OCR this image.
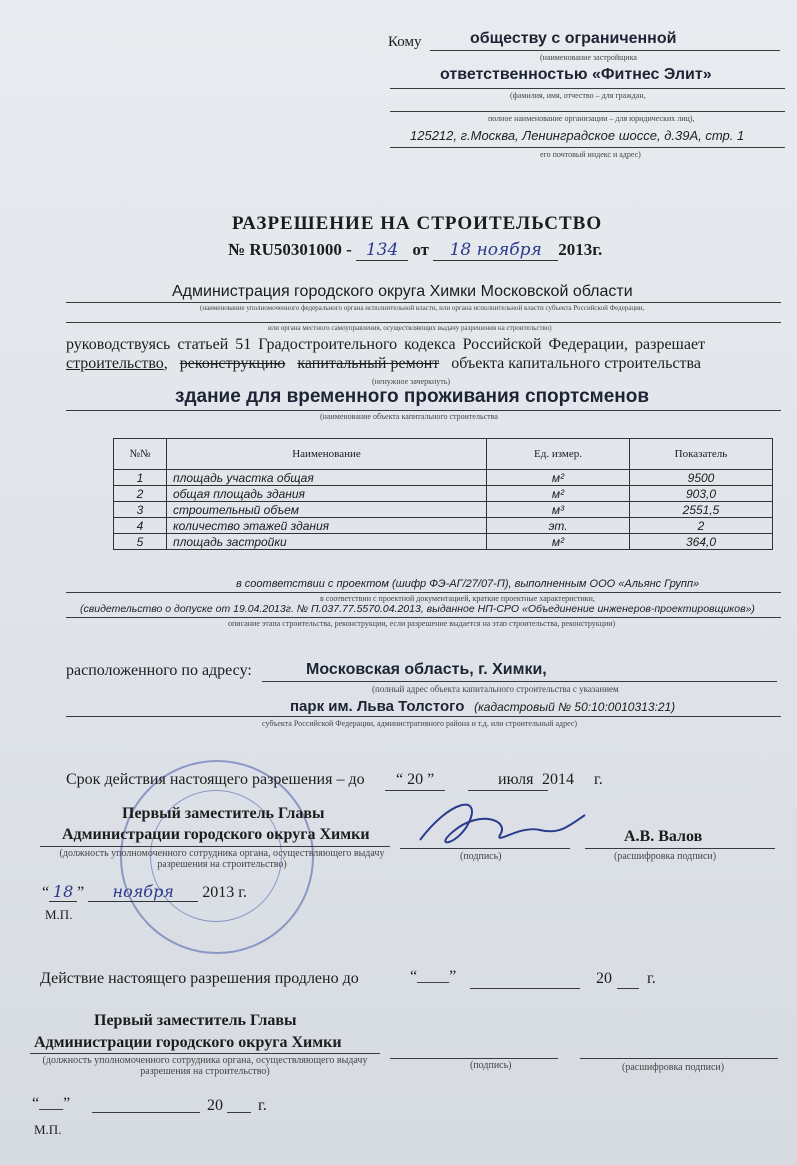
Кому	обществу с ограниченной
(наименование застройщика
ответственностью «Фитнес Элит»
(фамилия, имя, отчество – для граждан,
полное наименование организации – для юридических лиц),
125212, г.Москва, Ленинградское шоссе, д.39А, стр. 1
его почтовый индекс и адрес)
РАЗРЕШЕНИЕ НА СТРОИТЕЛЬСТВО
№ RU50301000 - 134 от 18 ноября 2013г.
Администрация городского округа Химки Московской области
(наименование уполномоченного федерального органа исполнительной власти, или органа исполнительной власти субъекта Российской Федерации,
или органа местного самоуправления, осуществляющих выдачу разрешения на строительство)
руководствуясь статьей 51 Градостроительного кодекса Российской Федерации, разрешает
строительство, реконструкцию капитальный ремонт объекта капитального строительства
(ненужное зачеркнуть)
здание для временного проживания спортсменов
(наименование объекта капитального строительства
№№	Наименование	Ед. измер.	Показатель
1	площадь участка общая	м²	9500
2	общая площадь здания	м²	903,0
3	строительный объем	м³	2551,5
4	количество этажей здания	эт.	2
5	площадь застройки	м²	364,0
в соответствии с проектом (шифр ФЭ-АГ/27/07-П), выполненным ООО «Альянс Групп»
в соответствии с проектной документацией, краткие проектные характеристики,
(свидетельство о допуске от 19.04.2013г. № П.037.77.5570.04.2013, выданное НП-СРО «Объединение инженеров-проектировщиков»)
описание этапа строительства, реконструкции, если разрешение выдается на этап строительства, реконструкции)
расположенного по адресу:	Московская область, г. Химки,
(полный адрес объекта капитального строительства с указанием
парк им. Льва Толстого (кадастровый № 50:10:0010313:21)
субъекта Российской Федерации, административного района и т.д. или строительный адрес)
Срок действия настоящего разрешения – до “ 20 ”	июля 2014 г.
Первый заместитель Главы
Администрации городского округа Химки
(должность уполномоченного сотрудника органа, осуществляющего выдачу разрешения на строительство)
(подпись)
А.В. Валов
(расшифровка подписи)
“ 18 ” ноября 2013 г.
М.П.
Действие настоящего разрешения продлено до	“____”	20 г.
Первый заместитель Главы
Администрации городского округа Химки
(должность уполномоченного сотрудника органа, осуществляющего выдачу разрешения на строительство)
(подпись)	(расшифровка подписи)
“___”	20 г.
М.П.
